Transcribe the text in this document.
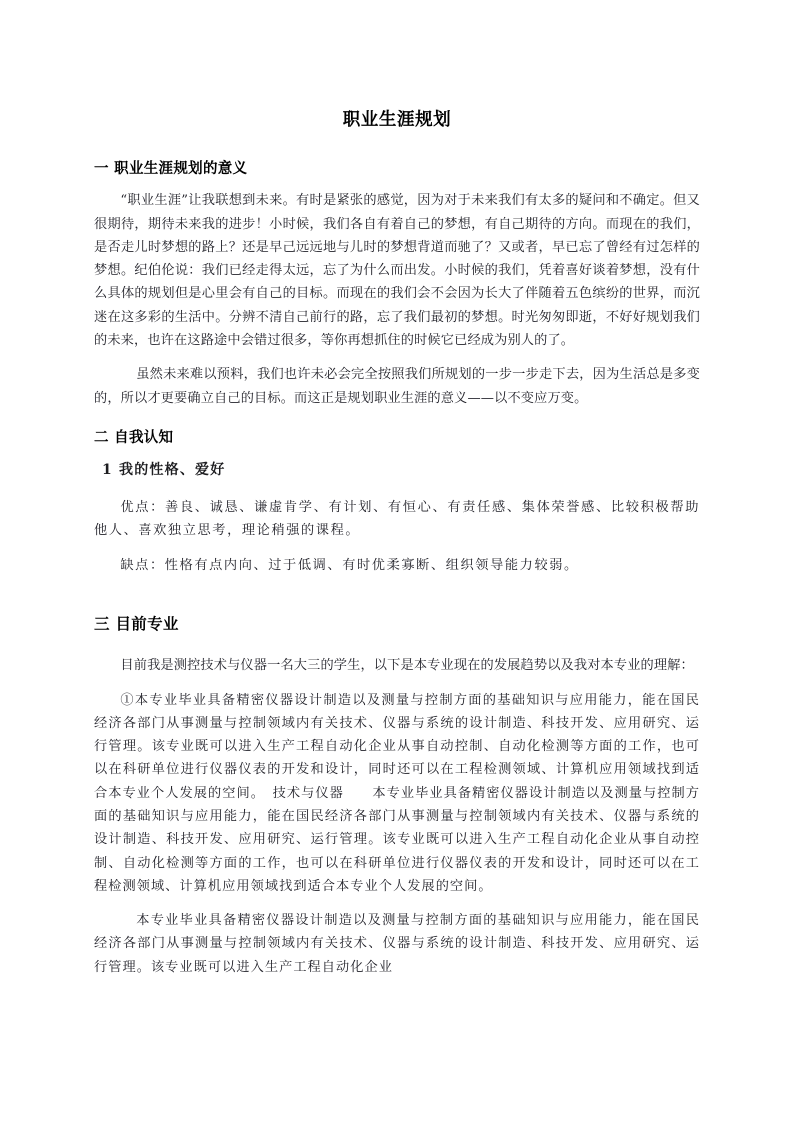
职业生涯规划
一 职业生涯规划的意义

“职业生涯”让我联想到未来。有时是紧张的感觉，因为对于未来我们有太多的疑问和不确定。但又很期待，期待未来我的进步！小时候，我们各自有着自己的梦想，有自己期待的方向。而现在的我们，是否走儿时梦想的路上？还是早己远远地与儿时的梦想背道而驰了？又或者，早已忘了曾经有过怎样的梦想。纪伯伦说：我们已经走得太远，忘了为什么而出发。小时候的我们，凭着喜好谈着梦想，没有什么具体的规划但是心里会有自己的目标。而现在的我们会不会因为长大了伴随着五色缤纷的世界，而沉迷在这多彩的生活中。分辨不清自己前行的路，忘了我们最初的梦想。时光匆匆即逝，不好好规划我们的未来，也许在这路途中会错过很多，等你再想抓住的时候它已经成为别人的了。

虽然未来难以预料，我们也许未必会完全按照我们所规划的一步一步走下去，因为生活总是多变的，所以才更要确立自己的目标。而这正是规划职业生涯的意义——以不变应万变。

二 自我认知
1 我的性格、爱好

优点：善良、诚恳、谦虚肯学、有计划、有恒心、有责任感、集体荣誉感、比较积极帮助他人、喜欢独立思考，理论稍强的课程。

缺点：性格有点内向、过于低调、有时优柔寡断、组织领导能力较弱。

三 目前专业

目前我是测控技术与仪器一名大三的学生，以下是本专业现在的发展趋势以及我对本专业的理解：

①本专业毕业具备精密仪器设计制造以及测量与控制方面的基础知识与应用能力，能在国民经济各部门从事测量与控制领域内有关技术、仪器与系统的设计制造、科技开发、应用研究、运行管理。该专业既可以进入生产工程自动化企业从事自动控制、自动化检测等方面的工作，也可以在科研单位进行仪器仪表的开发和设计，同时还可以在工程检测领域、计算机应用领域找到适合本专业个人发展的空间。　技术与仪器　　本专业毕业具备精密仪器设计制造以及测量与控制方面的基础知识与应用能力，能在国民经济各部门从事测量与控制领域内有关技术、仪器与系统的设计制造、科技开发、应用研究、运行管理。该专业既可以进入生产工程自动化企业从事自动控制、自动化检测等方面的工作，也可以在科研单位进行仪器仪表的开发和设计，同时还可以在工程检测领域、计算机应用领域找到适合本专业个人发展的空间。

本专业毕业具备精密仪器设计制造以及测量与控制方面的基础知识与应用能力，能在国民经济各部门从事测量与控制领域内有关技术、仪器与系统的设计制造、科技开发、应用研究、运行管理。该专业既可以进入生产工程自动化企业
